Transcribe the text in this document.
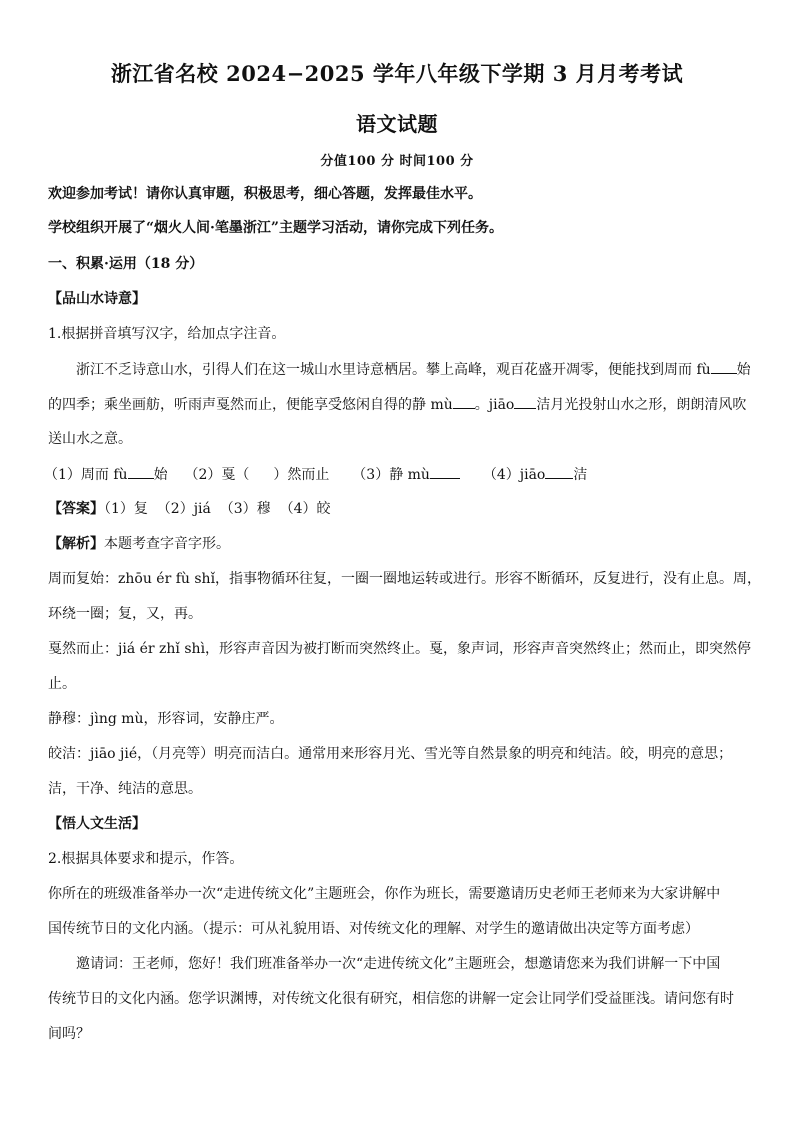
浙江省名校 2024−2025 学年八年级下学期 3 月月考考试
语文试题
分值100 分 时间100 分
欢迎参加考试！请你认真审题，积极思考，细心答题，发挥最佳水平。
学校组织开展了“烟火人间·笔墨浙江”主题学习活动，请你完成下列任务。
一、积累·运用（18 分）
【品山水诗意】
1.根据拼音填写汉字，给加点字注音。
浙江不乏诗意山水，引得人们在这一城山水里诗意栖居。攀上高峰，观百花盛开凋零，便能找到周而 fù 始
的四季；乘坐画舫，听雨声戛然而止，便能享受悠闲自得的静 mù 。jiāo 洁月光投射山水之形，朗朗清风吹
送山水之意。
（1）周而 fù 始 （2）戛（ ）然而止 （3）静 mù	（4）jiāo 洁
【答案】（1）复  （2）jiá  （3）穆  （4）皎
【解析】本题考查字音字形。
周而复始：zhōu ér fù shǐ，指事物循环往复，一圈一圈地运转或进行。形容不断循环，反复进行，没有止息。周，
环绕一圈；复，又，再。
戛然而止：jiá ér zhǐ shì，形容声音因为被打断而突然终止。戛，象声词，形容声音突然终止；然而止，即突然停
止。
静穆：jìng mù，形容词，安静庄严。
皎洁：jiāo jié，（月亮等）明亮而洁白。通常用来形容月光、雪光等自然景象的明亮和纯洁。皎，明亮的意思；
洁，干净、纯洁的意思。
【悟人文生活】
2.根据具体要求和提示，作答。
你所在的班级准备举办一次“走进传统文化”主题班会，你作为班长，需要邀请历史老师王老师来为大家讲解中
国传统节日的文化内涵。（提示：可从礼貌用语、对传统文化的理解、对学生的邀请做出决定等方面考虑）
邀请词：王老师，您好！我们班准备举办一次“走进传统文化”主题班会，想邀请您来为我们讲解一下中国
传统节日的文化内涵。您学识渊博，对传统文化很有研究，相信您的讲解一定会让同学们受益匪浅。请问您有时
间吗？
